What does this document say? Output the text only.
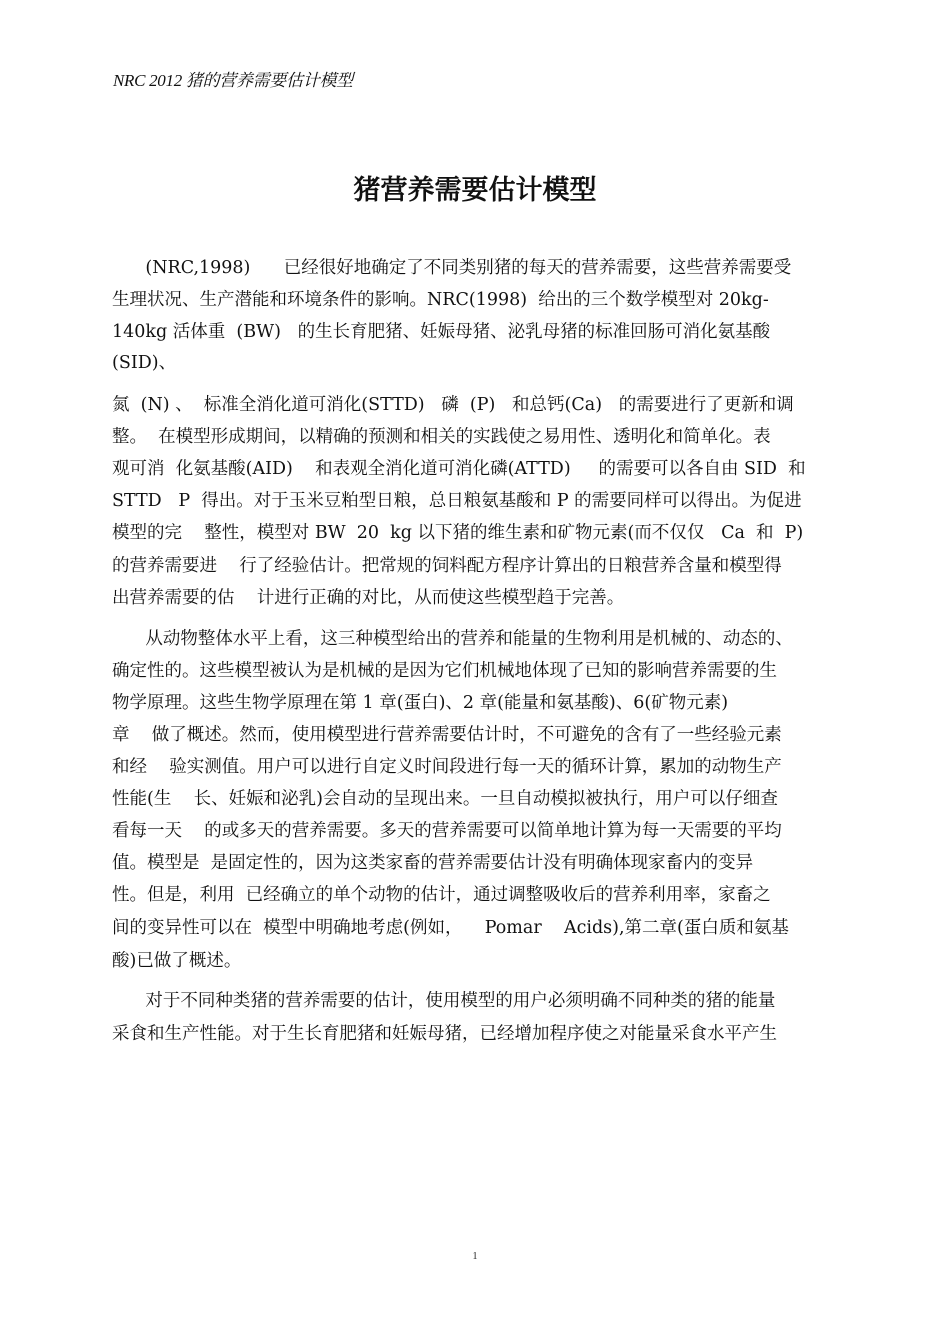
NRC 2012 猪的营养需要估计模型
猪营养需要估计模型
(NRC,1998)      已经很好地确定了不同类别猪的每天的营养需要，这些营养需要受
生理状况、生产潜能和环境条件的影响。NRC(1998)  给出的三个数学模型对 20kg-
140kg 活体重  (BW)   的生长育肥猪、妊娠母猪、泌乳母猪的标准回肠可消化氨基酸
(SID)、
氮  (N) 、  标准全消化道可消化(STTD)   磷  (P)   和总钙(Ca)   的需要进行了更新和调
整。  在模型形成期间，以精确的预测和相关的实践使之易用性、透明化和简单化。表
观可消  化氨基酸(AID)    和表观全消化道可消化磷(ATTD)     的需要可以各自由 SID  和
STTD   P  得出。对于玉米豆粕型日粮，总日粮氨基酸和 P 的需要同样可以得出。为促进
模型的完    整性，模型对 BW  20  kg 以下猪的维生素和矿物元素(而不仅仅   Ca  和  P)
的营养需要进    行了经验估计。把常规的饲料配方程序计算出的日粮营养含量和模型得
出营养需要的估    计进行正确的对比，从而使这些模型趋于完善。
从动物整体水平上看，这三种模型给出的营养和能量的生物利用是机械的、动态的、
确定性的。这些模型被认为是机械的是因为它们机械地体现了已知的影响营养需要的生
物学原理。这些生物学原理在第 1 章(蛋白)、2 章(能量和氨基酸)、6(矿物元素)
章    做了概述。然而，使用模型进行营养需要估计时，不可避免的含有了一些经验元素
和经    验实测值。用户可以进行自定义时间段进行每一天的循环计算，累加的动物生产
性能(生    长、妊娠和泌乳)会自动的呈现出来。一旦自动模拟被执行，用户可以仔细查
看每一天    的或多天的营养需要。多天的营养需要可以简单地计算为每一天需要的平均
值。模型是  是固定性的，因为这类家畜的营养需要估计没有明确体现家畜内的变异
性。但是，利用  已经确立的单个动物的估计，通过调整吸收后的营养利用率，家畜之
间的变异性可以在  模型中明确地考虑(例如，    Pomar    Acids),第二章(蛋白质和氨基
酸)已做了概述。
对于不同种类猪的营养需要的估计，使用模型的用户必须明确不同种类的猪的能量
采食和生产性能。对于生长育肥猪和妊娠母猪，已经增加程序使之对能量采食水平产生
1
